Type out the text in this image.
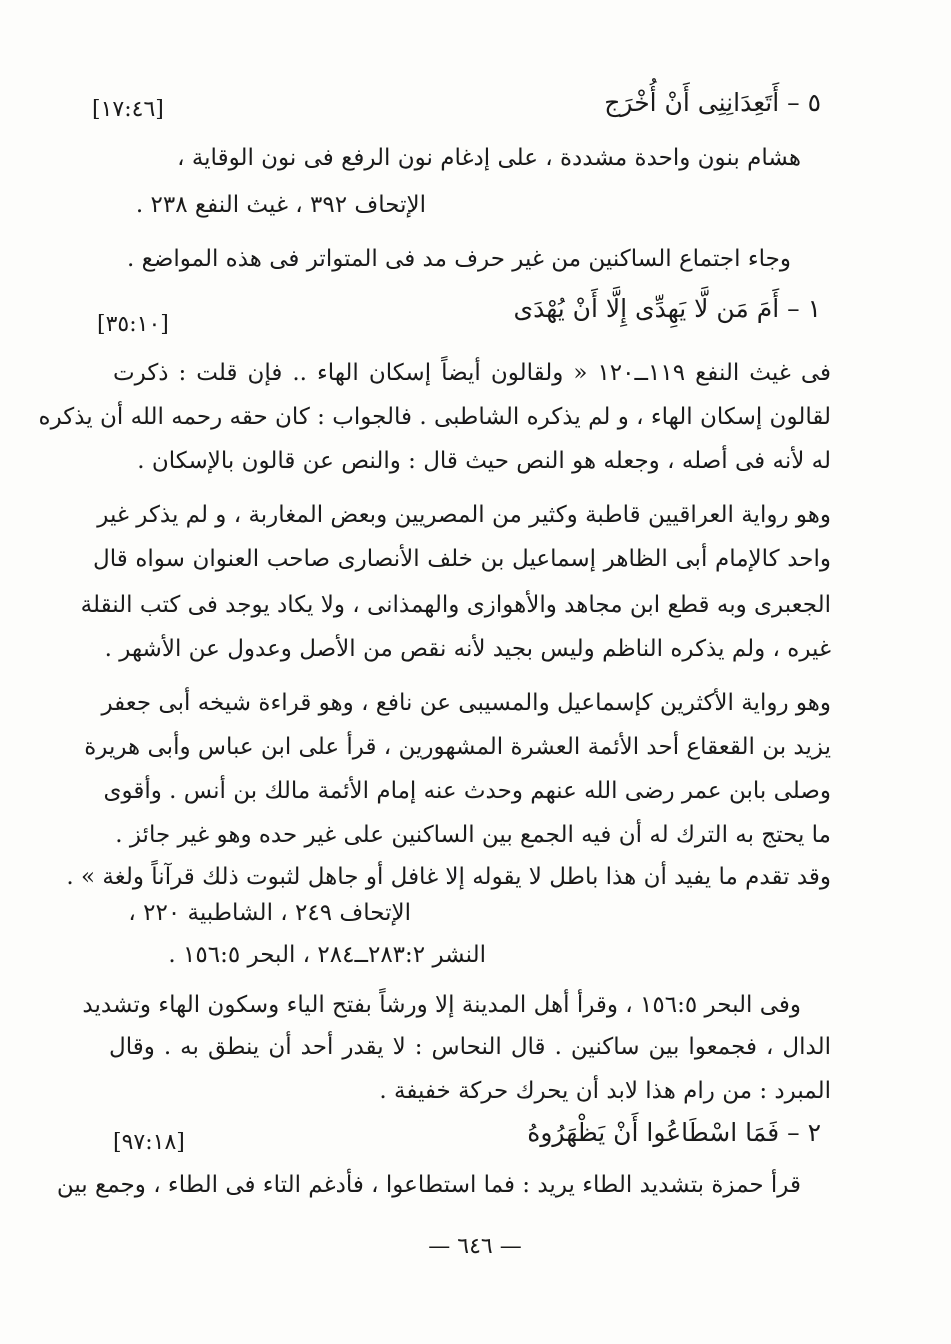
٥ – أَتَعِدَانِنِى أَنْ أُخْرَج
[١٧:٤٦]
هشام بنون واحدة مشددة ، على إدغام نون الرفع فى نون الوقاية ،
الإتحاف ٣٩٢ ، غيث النفع ٢٣٨ .
وجاء اجتماع الساكنين من غير حرف مد فى المتواتر فى هذه المواضع .
١ – أَمَ مَن لَّا يَهِدِّى إِلَّا أَنْ يُهْدَى
[٣٥:١٠]
فى غيث النفع ١١٩ــ١٢٠ « ولقالون أيضاً إسكان الهاء .. فإن قلت : ذكرت
لقالون إسكان الهاء ، و لم يذكره الشاطبى . فالجواب : كان حقه رحمه الله أن يذكره
له لأنه فى أصله ، وجعله هو النص حيث قال : والنص عن قالون بالإسكان .
وهو رواية العراقيين قاطبة وكثير من المصريين وبعض المغاربة ، و لم يذكر غير
واحد كالإمام أبى الظاهر إسماعيل بن خلف الأنصارى صاحب العنوان سواه قال
الجعبرى وبه قطع ابن مجاهد والأهوازى والهمذانى ، ولا يكاد يوجد فى كتب النقلة
غيره ، ولم يذكره الناظم وليس بجيد لأنه نقص من الأصل وعدول عن الأشهر .
وهو رواية الأكثرين كإسماعيل والمسيبى عن نافع ، وهو قراءة شيخه أبى جعفر
يزيد بن القعقاع أحد الأئمة العشرة المشهورين ، قرأ على ابن عباس وأبى هريرة
وصلى بابن عمر رضى الله عنهم وحدث عنه إمام الأئمة مالك بن أنس . وأقوى
ما يحتج به الترك له أن فيه الجمع بين الساكنين على غير حده وهو غير جائز .
وقد تقدم ما يفيد أن هذا باطل لا يقوله إلا غافل أو جاهل لثبوت ذلك قرآناً ولغة » .
الإتحاف ٢٤٩ ، الشاطبية ٢٢٠ ،
النشر ٢٨٣:٢ــ٢٨٤ ، البحر ١٥٦:٥ .
وفى البحر ١٥٦:٥ ، وقرأ أهل المدينة إلا ورشاً بفتح الياء وسكون الهاء وتشديد
الدال ، فجمعوا بين ساكنين . قال النحاس : لا يقدر أحد أن ينطق به . وقال
المبرد : من رام هذا لابد أن يحرك حركة خفيفة .
٢ – فَمَا اسْطَاعُوا أَنْ يَظْهَرُوهُ
[٩٧:١٨]
قرأ حمزة بتشديد الطاء يريد : فما استطاعوا ، فأدغم التاء فى الطاء ، وجمع بين
— ٦٤٦ —
